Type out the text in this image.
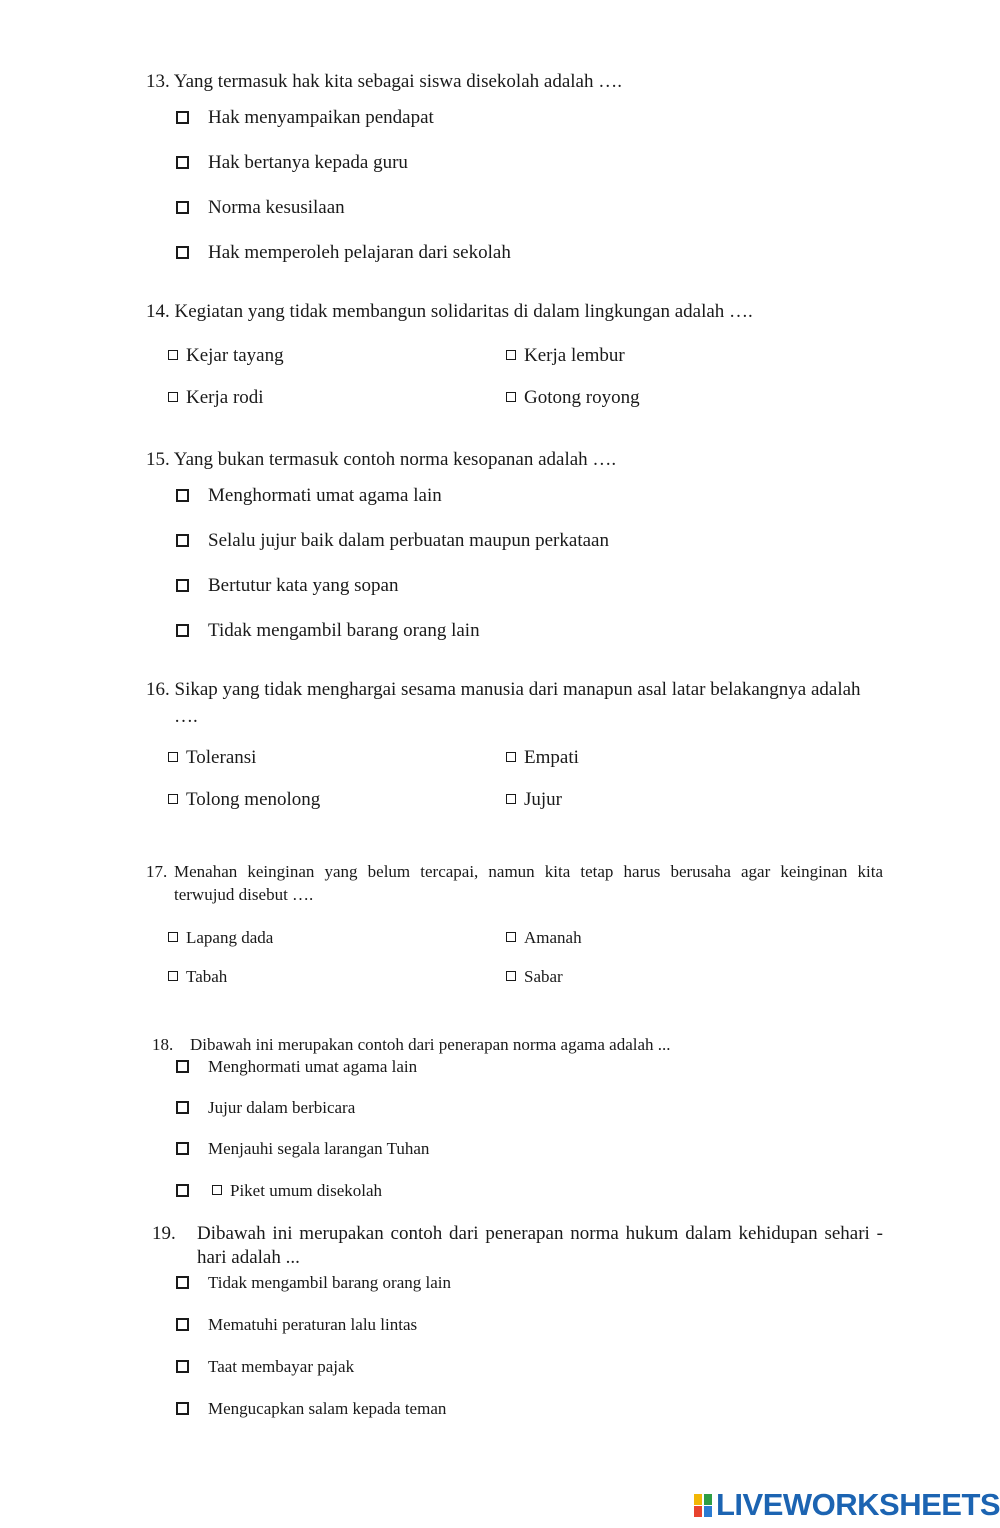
13. Yang termasuk hak kita sebagai siswa disekolah adalah ….
Hak menyampaikan pendapat
Hak bertanya kepada guru
Norma kesusilaan
Hak memperoleh pelajaran dari sekolah
14. Kegiatan yang tidak membangun solidaritas di dalam lingkungan adalah ….
Kejar tayang	Kerja lembur
Kerja rodi	Gotong royong
15. Yang bukan termasuk contoh norma kesopanan adalah ….
Menghormati umat agama lain
Selalu jujur baik dalam perbuatan maupun perkataan
Bertutur kata yang sopan
Tidak mengambil barang orang lain
16. Sikap yang tidak menghargai sesama manusia dari manapun asal latar belakangnya adalah
….
Toleransi	Empati
Tolong menolong	Jujur
17. Menahan keinginan yang belum tercapai, namun kita tetap harus berusaha agar keinginan kita
terwujud disebut ….
Lapang dada	Amanah
Tabah	Sabar
18. Dibawah ini merupakan contoh dari penerapan norma agama adalah ...
Menghormati umat agama lain
Jujur dalam berbicara
Menjauhi segala larangan Tuhan
Piket umum disekolah
19. Dibawah ini merupakan contoh dari penerapan norma hukum dalam kehidupan sehari -
hari adalah ...
Tidak mengambil barang orang lain
Mematuhi peraturan lalu lintas
Taat membayar pajak
Mengucapkan salam kepada teman
LIVEWORKSHEETS
